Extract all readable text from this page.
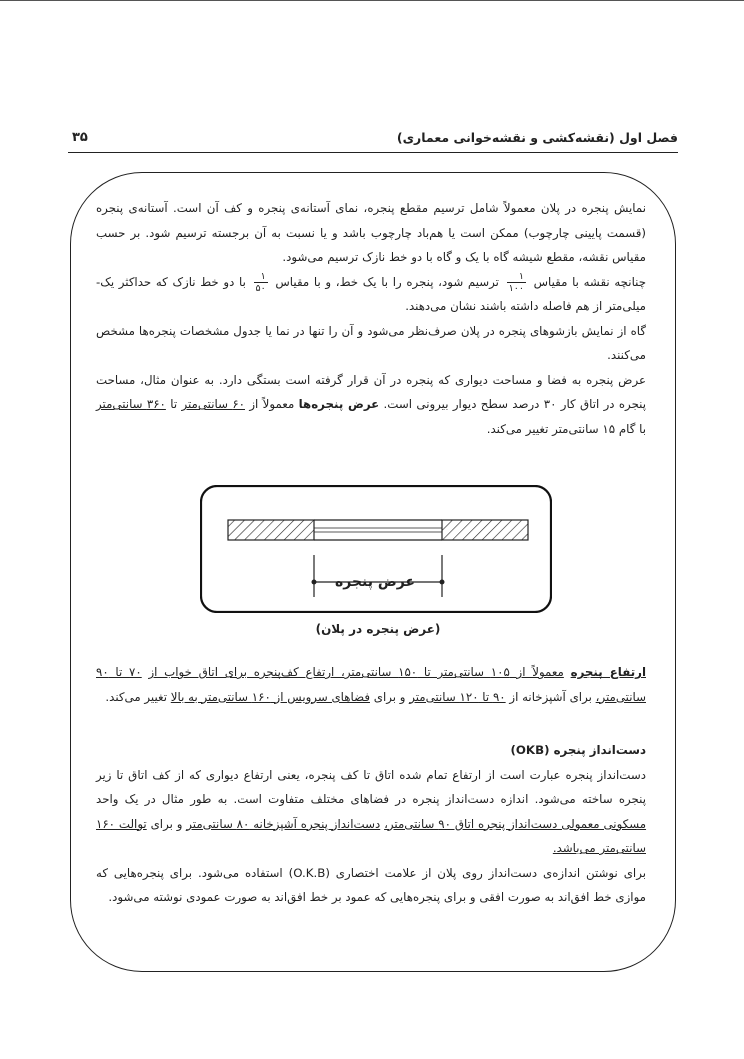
فصل اول (نقشه‌کشی و نقشه‌خوانی معماری)
۳۵

نمایش پنجره در پلان معمولاً شامل ترسیم مقطع پنجره، نمای آستانه‌ی پنجره و کف آن است. آستانه‌ی پنجره (قسمت پایینی چارچوب) ممکن است یا هم‌باد چارچوب باشد و یا نسبت به آن برجسته ترسیم شود. بر حسب مقیاس نقشه، مقطع شیشه گاه با یک و گاه با دو خط نازک ترسیم می‌شود.

چنانچه نقشه با مقیاس
$\frac{۱}{۱۰۰}$
ترسیم شود، پنجره را با یک خط، و با مقیاس
$\frac{۱}{۵۰}$
با دو خط نازک که حداکثر یک-میلی‌متر از هم فاصله داشته باشند نشان می‌دهند.

گاه از نمایش بازشوهای پنجره در پلان صرف‌نظر می‌شود و آن را تنها در نما یا جدول مشخصات پنجره‌ها مشخص می‌کنند.

عرض پنجره به فضا و مساحت دیواری که پنجره در آن قرار گرفته است بستگی دارد. به عنوان مثال، مساحت پنجره در اتاق کار ۳۰ درصد سطح دیوار بیرونی است. عرض پنجره‌ها معمولاً از ۶۰ سانتی‌متر تا ۳۶۰ سانتی‌متر با گام ۱۵ سانتی‌متر تغییر می‌کند.

عرض پنجره
(عرض پنجره در پلان)

ارتفاع پنجره معمولاً از ۱۰۵ سانتی‌متر تا ۱۵۰ سانتی‌متر، ارتفاع کف‌پنجره برای اتاق خواب از ۷۰ تا ۹۰ سانتی‌متر، برای آشپزخانه از ۹۰ تا ۱۲۰ سانتی‌متر و برای فضاهای سرویس از ۱۶۰ سانتی‌متر به بالا تغییر می‌کند.

دست‌انداز پنجره (OKB)

دست‌انداز پنجره عبارت است از ارتفاع تمام شده اتاق تا کف پنجره، یعنی ارتفاع دیواری که از کف اتاق تا زیر پنجره ساخته می‌شود. اندازه دست‌انداز پنجره در فضاهای مختلف متفاوت است. به طور مثال در یک واحد مسکونی معمولی دست‌انداز پنجره اتاق ۹۰ سانتی‌متر، دست‌انداز پنجره آشپزخانه ۸۰ سانتی‌متر و برای توالت ۱۶۰ سانتی‌متر می‌باشد.

برای نوشتن اندازه‌ی دست‌انداز روی پلان از علامت اختصاری (O.K.B) استفاده می‌شود. برای پنجره‌هایی که موازی خط افق‌اند به صورت افقی و برای پنجره‌هایی که عمود بر خط افق‌اند به صورت عمودی نوشته می‌شود.
